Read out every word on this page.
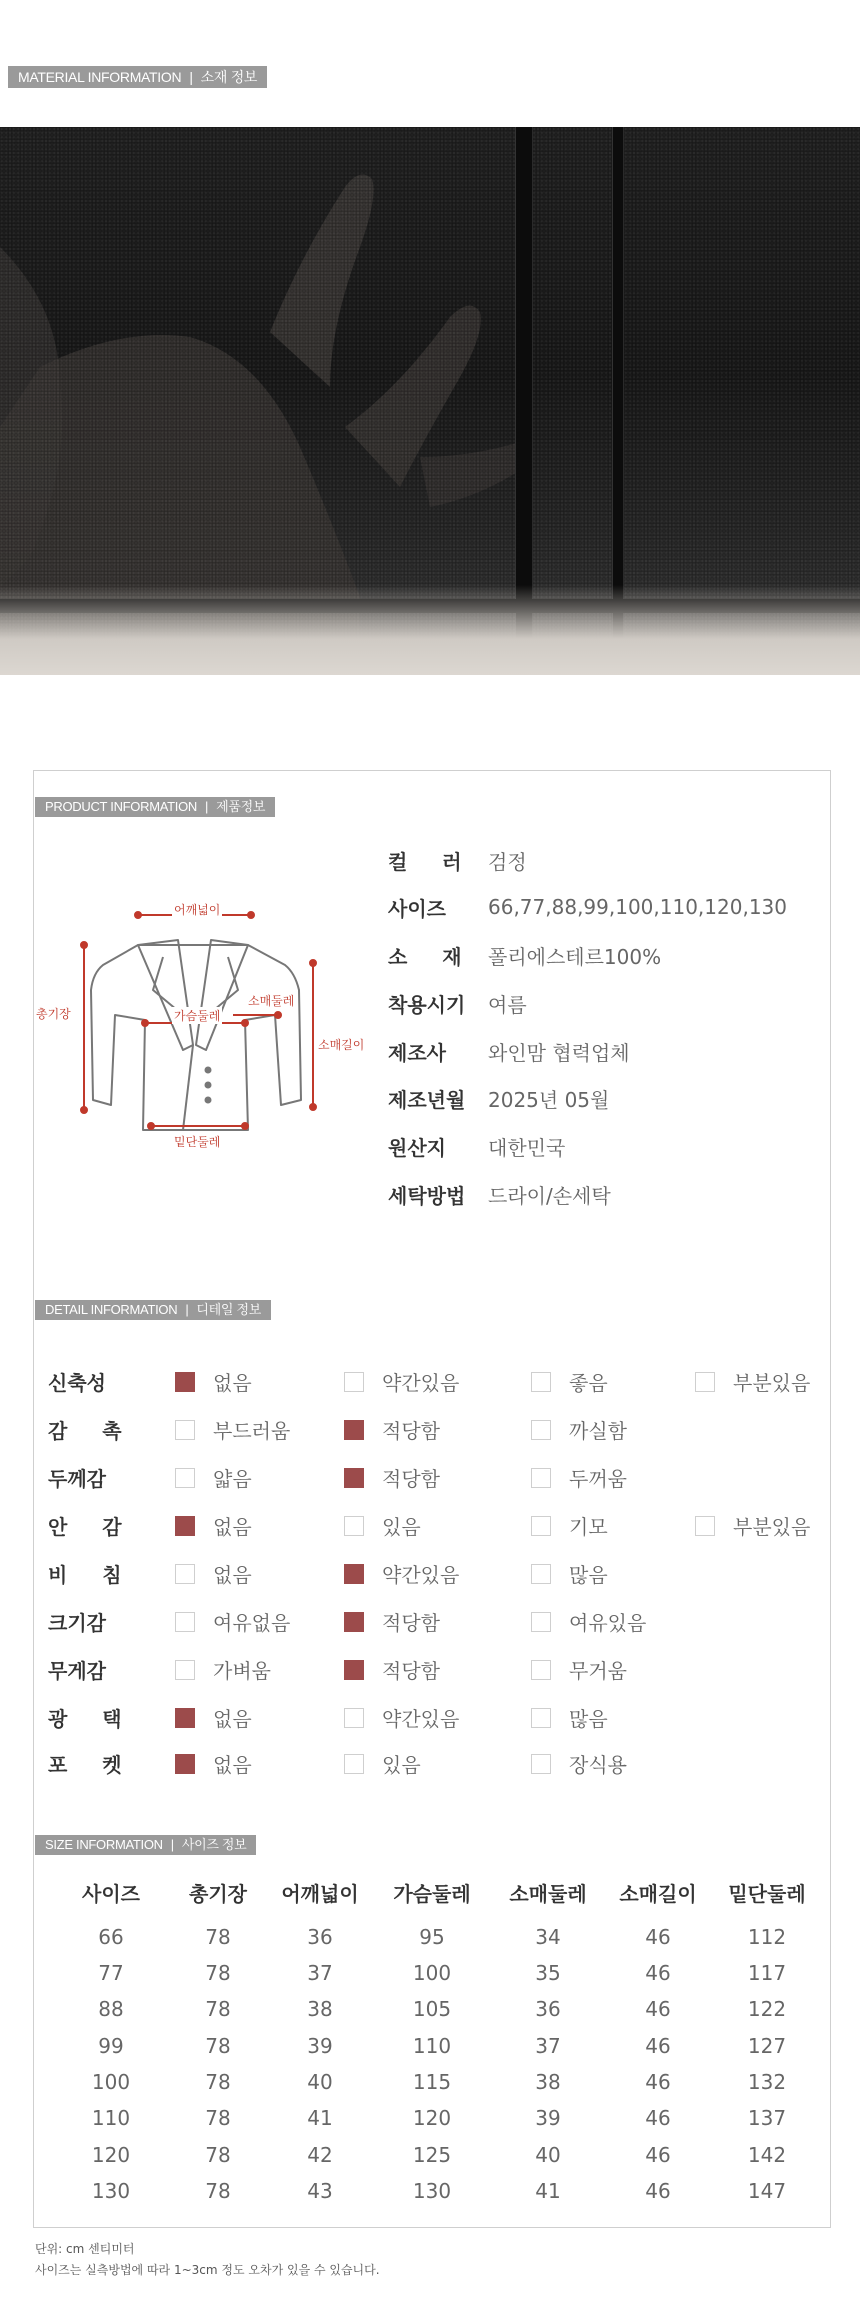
MATERIAL INFORMATION | 소재 정보
PRODUCT INFORMATION | 제품정보
어깨넓이
총기장	가슴둘레
소매둘레
소매길이
밑단둘레
컬 러 검정
사이즈	66,77,88,99,100,110,120,130
소 재 폴리에스테르100%
착용시기	여름
제조사	와인맘 협력업체
제조년월	2025년 05월
원산지	대한민국
세탁방법	드라이/손세탁
DETAIL INFORMATION | 디테일 정보
신축성	없음	약간있음	좋음	부분있음
감 촉	부드러움	적당함	까실함
두께감	얇음	적당함	두꺼움
안 감	없음	있음	기모	부분있음
비 침	없음	약간있음	많음
크기감	여유없음	적당함	여유있음
무게감	가벼움	적당함	무거움
광 택	없음	약간있음	많음
포 켓	없음	있음	장식용
SIZE INFORMATION | 사이즈 정보
사이즈	총기장	어깨넓이	가슴둘레	소매둘레	소매길이	밑단둘레
66	78	36	95	34	46	112
77	78	37	100	35	46	117
88	78	38	105	36	46	122
99	78	39	110	37	46	127
100	78	40	115	38	46	132
110	78	41	120	39	46	137
120	78	42	125	40	46	142
130	78	43	130	41	46	147
단위: cm 센티미터
사이즈는 실측방법에 따라 1~3cm 정도 오차가 있을 수 있습니다.
